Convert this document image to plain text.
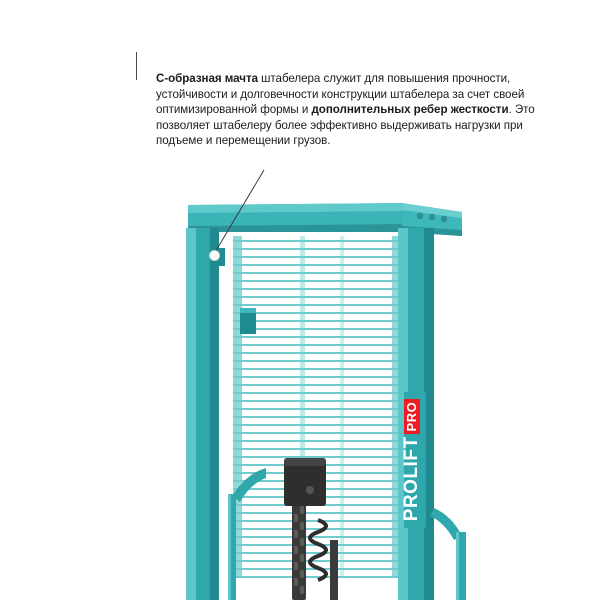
PRO
LIFT
PRO
C-образная мачта штабелера служит для повышения прочности, устойчивости и долговечности конструкции штабелера за счет своей оптимизированной формы и дополнительных ребер жесткости. Это позволяет штабелеру более эффективно выдерживать нагрузки при подъеме и перемещении грузов.
